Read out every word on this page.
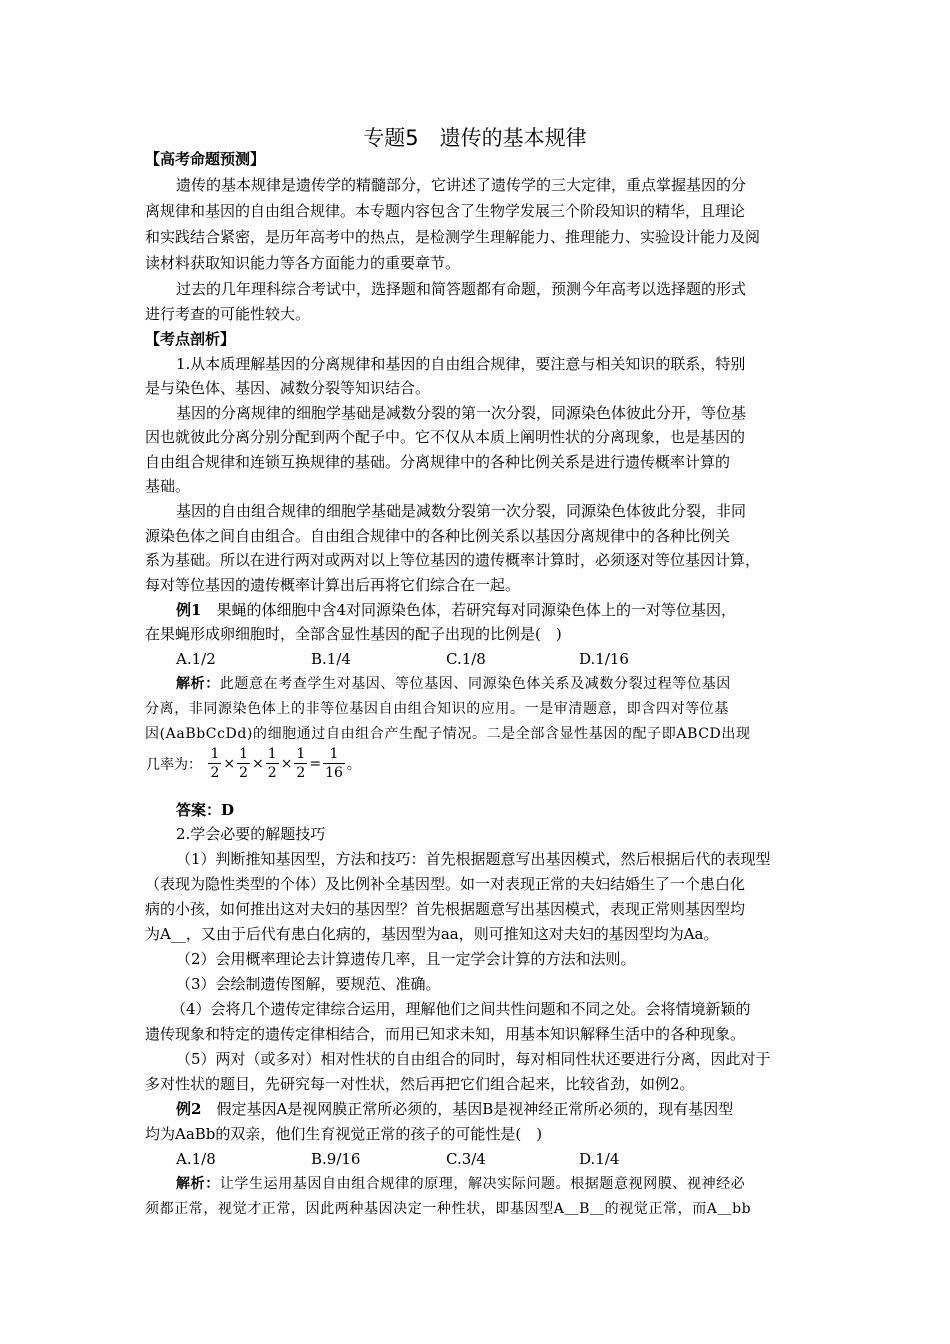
专题5　遗传的基本规律
【高考命题预测】
遗传的基本规律是遗传学的精髓部分，它讲述了遗传学的三大定律，重点掌握基因的分
离规律和基因的自由组合规律。本专题内容包含了生物学发展三个阶段知识的精华，且理论
和实践结合紧密，是历年高考中的热点，是检测学生理解能力、推理能力、实验设计能力及阅
读材料获取知识能力等各方面能力的重要章节。
过去的几年理科综合考试中，选择题和简答题都有命题，预测今年高考以选择题的形式
进行考查的可能性较大。
【考点剖析】
1.从本质理解基因的分离规律和基因的自由组合规律，要注意与相关知识的联系，特别
是与染色体、基因、减数分裂等知识结合。
基因的分离规律的细胞学基础是减数分裂的第一次分裂，同源染色体彼此分开，等位基
因也就彼此分离分别分配到两个配子中。它不仅从本质上阐明性状的分离现象，也是基因的
自由组合规律和连锁互换规律的基础。分离规律中的各种比例关系是进行遗传概率计算的
基础。
基因的自由组合规律的细胞学基础是减数分裂第一次分裂，同源染色体彼此分裂，非同
源染色体之间自由组合。自由组合规律中的各种比例关系以基因分离规律中的各种比例关
系为基础。所以在进行两对或两对以上等位基因的遗传概率计算时，必须逐对等位基因计算，
每对等位基因的遗传概率计算出后再将它们综合在一起。
例1　果蝇的体细胞中含4对同源染色体，若研究每对同源染色体上的一对等位基因，
在果蝇形成卵细胞时，全部含显性基因的配子出现的比例是(　)
A.1/2	B.1/4	C.1/8	D.1/16
解析：此题意在考查学生对基因、等位基因、同源染色体关系及减数分裂过程等位基因
分离，非同源染色体上的非等位基因自由组合知识的应用。一是审清题意，即含四对等位基
因(AaBbCcDd)的细胞通过自由组合产生配子情况。二是全部含显性基因的配子即ABCD出现
几率为： $\frac{1}{2} \times \frac{1}{2} \times \frac{1}{2} \times \frac{1}{2} = \frac{1}{16}$ 。
答案：D
2.学会必要的解题技巧
（1）判断推知基因型，方法和技巧：首先根据题意写出基因模式，然后根据后代的表现型
（表现为隐性类型的个体）及比例补全基因型。如一对表现正常的夫妇结婚生了一个患白化
病的小孩，如何推出这对夫妇的基因型？首先根据题意写出基因模式，表现正常则基因型均
为A__，又由于后代有患白化病的，基因型为aa，则可推知这对夫妇的基因型均为Aa。
（2）会用概率理论去计算遗传几率，且一定学会计算的方法和法则。
（3）会绘制遗传图解，要规范、准确。
（4）会将几个遗传定律综合运用，理解他们之间共性问题和不同之处。会将情境新颖的
遗传现象和特定的遗传定律相结合，而用已知求未知，用基本知识解释生活中的各种现象。
（5）两对（或多对）相对性状的自由组合的同时，每对相同性状还要进行分离，因此对于
多对性状的题目，先研究每一对性状，然后再把它们组合起来，比较省劲，如例2。
例2　假定基因A是视网膜正常所必须的，基因B是视神经正常所必须的，现有基因型
均为AaBb的双亲，他们生育视觉正常的孩子的可能性是(　)
A.1/8	B.9/16	C.3/4	D.1/4
解析：让学生运用基因自由组合规律的原理，解决实际问题。根据题意视网膜、视神经必
须都正常，视觉才正常，因此两种基因决定一种性状，即基因型A＿B＿的视觉正常，而A＿bb
